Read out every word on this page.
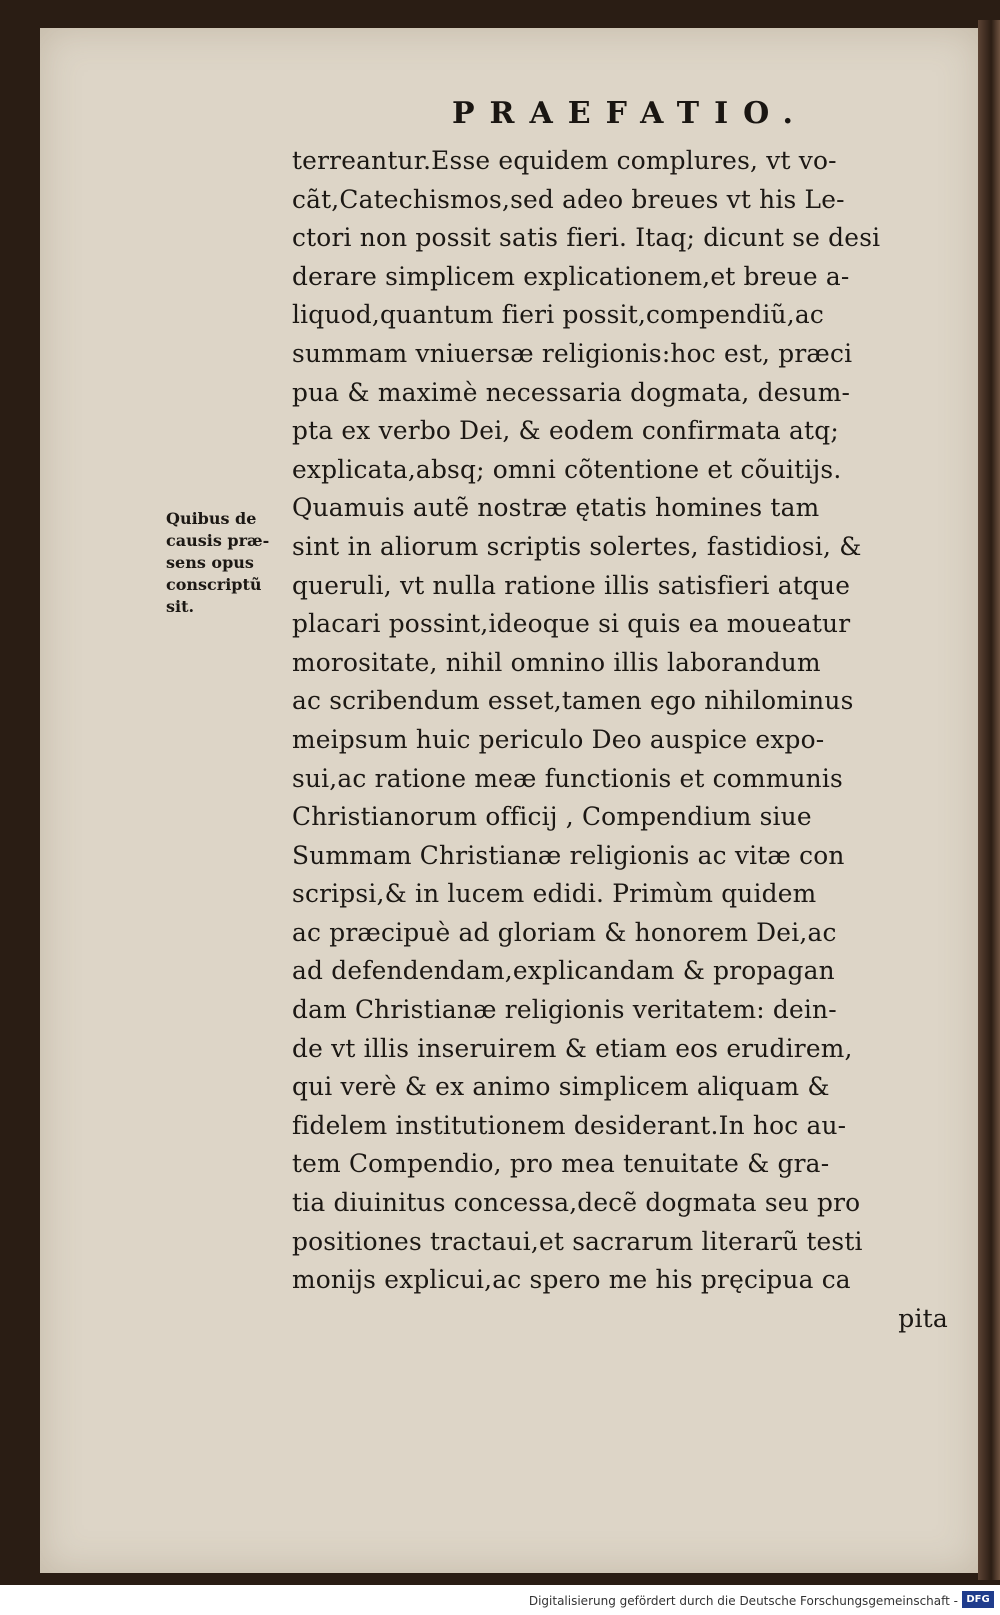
PRAEFATIO.
Quibus de
causis præ-
sens opus
conscriptũ
sit.
terreantur.Esse equidem complures, vt vo-
cãt,Catechismos,sed adeo breues vt his Le-
ctori non possit satis fieri. Itaq; dicunt se desi
derare simplicem explicationem,et breue a-
liquod,quantum fieri possit,compendiũ,ac
summam vniuersæ religionis:hoc est, præci
pua & maximè necessaria dogmata, desum-
pta ex verbo Dei, & eodem confirmata atq;
explicata,absq; omni cõtentione et cõuitijs.
Quamuis autẽ nostræ ętatis homines tam
sint in aliorum scriptis solertes, fastidiosi, &
queruli, vt nulla ratione illis satisfieri atque
placari possint,ideoque si quis ea moueatur
morositate, nihil omnino illis laborandum
ac scribendum esset,tamen ego nihilominus
meipsum huic periculo Deo auspice expo-
sui,ac ratione meæ functionis et communis
Christianorum officij , Compendium siue
Summam Christianæ religionis ac vitæ con
scripsi,& in lucem edidi. Primùm quidem
ac præcipuè ad gloriam & honorem Dei,ac
ad defendendam,explicandam & propagan
dam Christianæ religionis veritatem: dein-
de vt illis inseruirem & etiam eos erudirem,
qui verè & ex animo simplicem aliquam &
fidelem institutionem desiderant.In hoc au-
tem Compendio, pro mea tenuitate & gra-
tia diuinitus concessa,decẽ dogmata seu pro
positiones tractaui,et sacrarum literarũ testi
monijs explicui,ac spero me his pręcipua ca
pita
Digitalisierung gefördert durch die Deutsche Forschungsgemeinschaft - DFG
